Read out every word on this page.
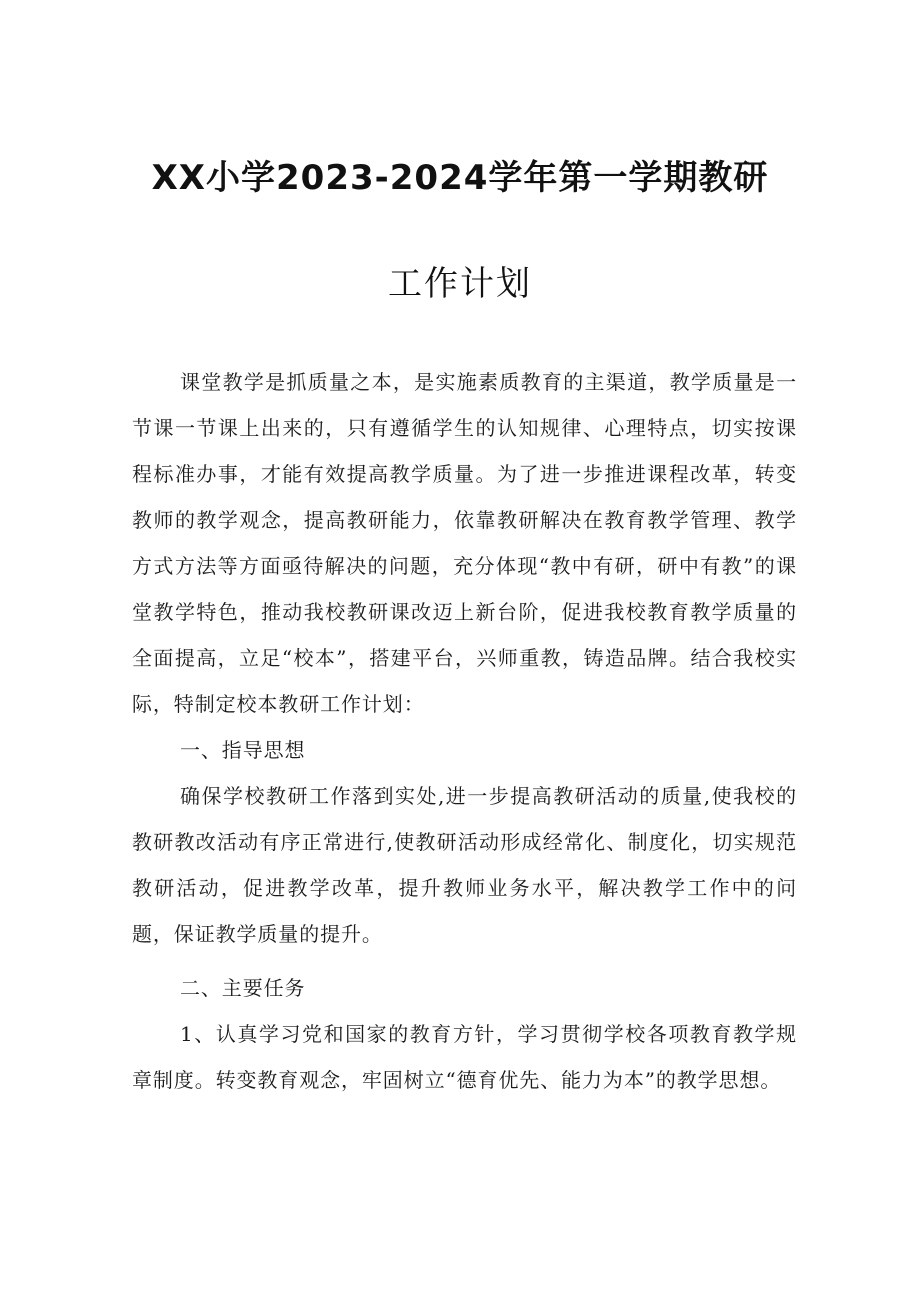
XX小学2023-2024学年第一学期教研
工作计划

课堂教学是抓质量之本，是实施素质教育的主渠道，教学质量是一节课一节课上出来的，只有遵循学生的认知规律、心理特点，切实按课程标准办事，才能有效提高教学质量。为了进一步推进课程改革，转变教师的教学观念，提高教研能力，依靠教研解决在教育教学管理、教学方式方法等方面亟待解决的问题，充分体现“教中有研，研中有教”的课堂教学特色，推动我校教研课改迈上新台阶，促进我校教育教学质量的全面提高，立足“校本”，搭建平台，兴师重教，铸造品牌。结合我校实际，特制定校本教研工作计划：

一、指导思想

确保学校教研工作落到实处,进一步提高教研活动的质量,使我校的教研教改活动有序正常进行,使教研活动形成经常化、制度化，切实规范教研活动，促进教学改革，提升教师业务水平，解决教学工作中的问题，保证教学质量的提升。

二、主要任务

1、认真学习党和国家的教育方针，学习贯彻学校各项教育教学规章制度。转变教育观念，牢固树立“德育优先、能力为本”的教学思想。
